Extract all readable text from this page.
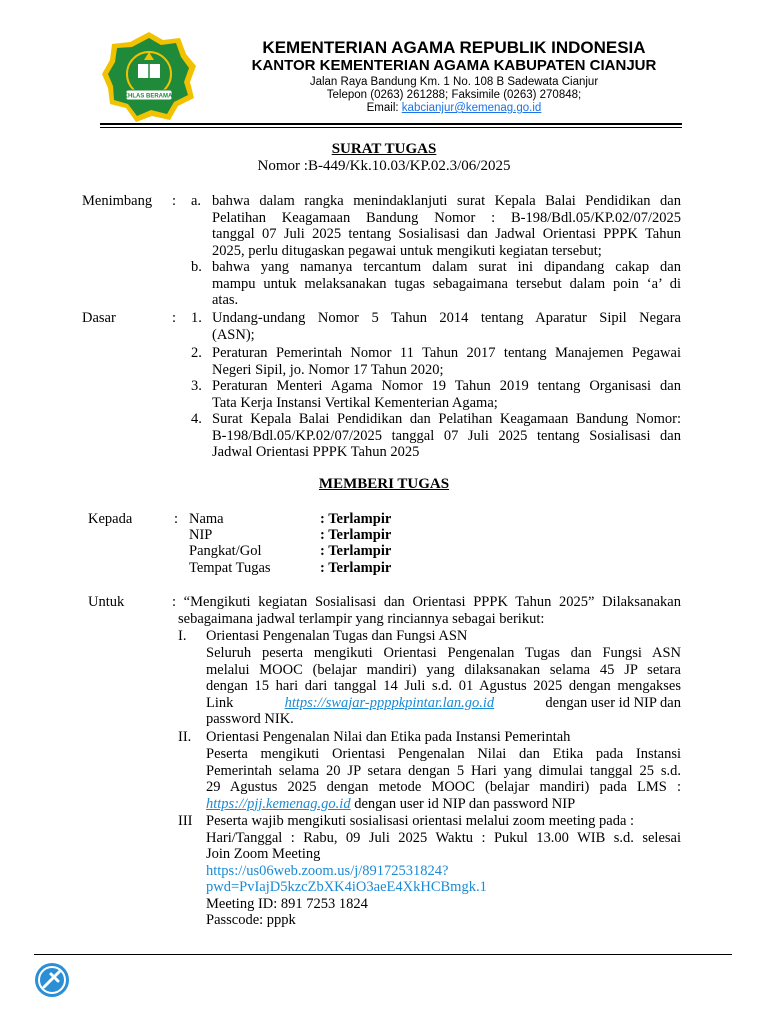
IKHLAS BERAMAL
KEMENTERIAN AGAMA REPUBLIK INDONESIA
KANTOR KEMENTERIAN AGAMA KABUPATEN CIANJUR
Jalan Raya Bandung Km. 1 No. 108 B Sadewata Cianjur
Telepon (0263) 261288; Faksimile (0263) 270848;
Email: kabcianjur@kemenag.go.id
SURAT TUGAS
Nomor :B-449/Kk.10.03/KP.02.3/06/2025
Menimbang : a. bahwa dalam rangka menindaklanjuti surat Kepala Balai Pendidikan dan
Pelatihan Keagamaan Bandung Nomor : B-198/Bdl.05/KP.02/07/2025
tanggal 07 Juli 2025 tentang Sosialisasi dan Jadwal Orientasi PPPK Tahun
2025, perlu ditugaskan pegawai untuk mengikuti kegiatan tersebut;
b. bahwa yang namanya tercantum dalam surat ini dipandang cakap dan
mampu untuk melaksanakan tugas sebagaimana tersebut dalam poin ‘a’ di
atas.
Dasar	: 1. Undang-undang Nomor 5 Tahun 2014 tentang Aparatur Sipil Negara
(ASN);
2. Peraturan Pemerintah Nomor 11 Tahun 2017 tentang Manajemen Pegawai
Negeri Sipil, jo. Nomor 17 Tahun 2020;
3. Peraturan Menteri Agama Nomor 19 Tahun 2019 tentang Organisasi dan
Tata Kerja Instansi Vertikal Kementerian Agama;
4. Surat Kepala Balai Pendidikan dan Pelatihan Keagamaan Bandung Nomor:
B-198/Bdl.05/KP.02/07/2025 tanggal 07 Juli 2025 tentang Sosialisasi dan
Jadwal Orientasi PPPK Tahun 2025
MEMBERI TUGAS
Kepada	: Nama	: Terlampir
NIP	: Terlampir
Pangkat/Gol	: Terlampir
Tempat Tugas	: Terlampir
Untuk	: “Mengikuti kegiatan Sosialisasi dan Orientasi PPPK Tahun 2025” Dilaksanakan
sebagaimana jadwal terlampir yang rinciannya sebagai berikut:
I. Orientasi Pengenalan Tugas dan Fungsi ASN
Seluruh peserta mengikuti Orientasi Pengenalan Tugas dan Fungsi ASN
melalui MOOC (belajar mandiri) yang dilaksanakan selama 45 JP setara
dengan 15 hari dari tanggal 14 Juli s.d. 01 Agustus 2025 dengan mengakses
Link	https://swajar-ppppkpintar.lan.go.id	dengan user id NIP dan
password NIK.
II. Orientasi Pengenalan Nilai dan Etika pada Instansi Pemerintah
Peserta mengikuti Orientasi Pengenalan Nilai dan Etika pada Instansi
Pemerintah selama 20 JP setara dengan 5 Hari yang dimulai tanggal 25 s.d.
29 Agustus 2025 dengan metode MOOC (belajar mandiri) pada LMS :
https://pjj.kemenag.go.id dengan user id NIP dan password NIP
III Peserta wajib mengikuti sosialisasi orientasi melalui zoom meeting pada :
Hari/Tanggal : Rabu, 09 Juli 2025 Waktu : Pukul 13.00 WIB s.d. selesai
Join Zoom Meeting
https://us06web.zoom.us/j/89172531824?
pwd=PvIajD5kzcZbXK4iO3aeE4XkHCBmgk.1
Meeting ID: 891 7253 1824
Passcode: pppk
